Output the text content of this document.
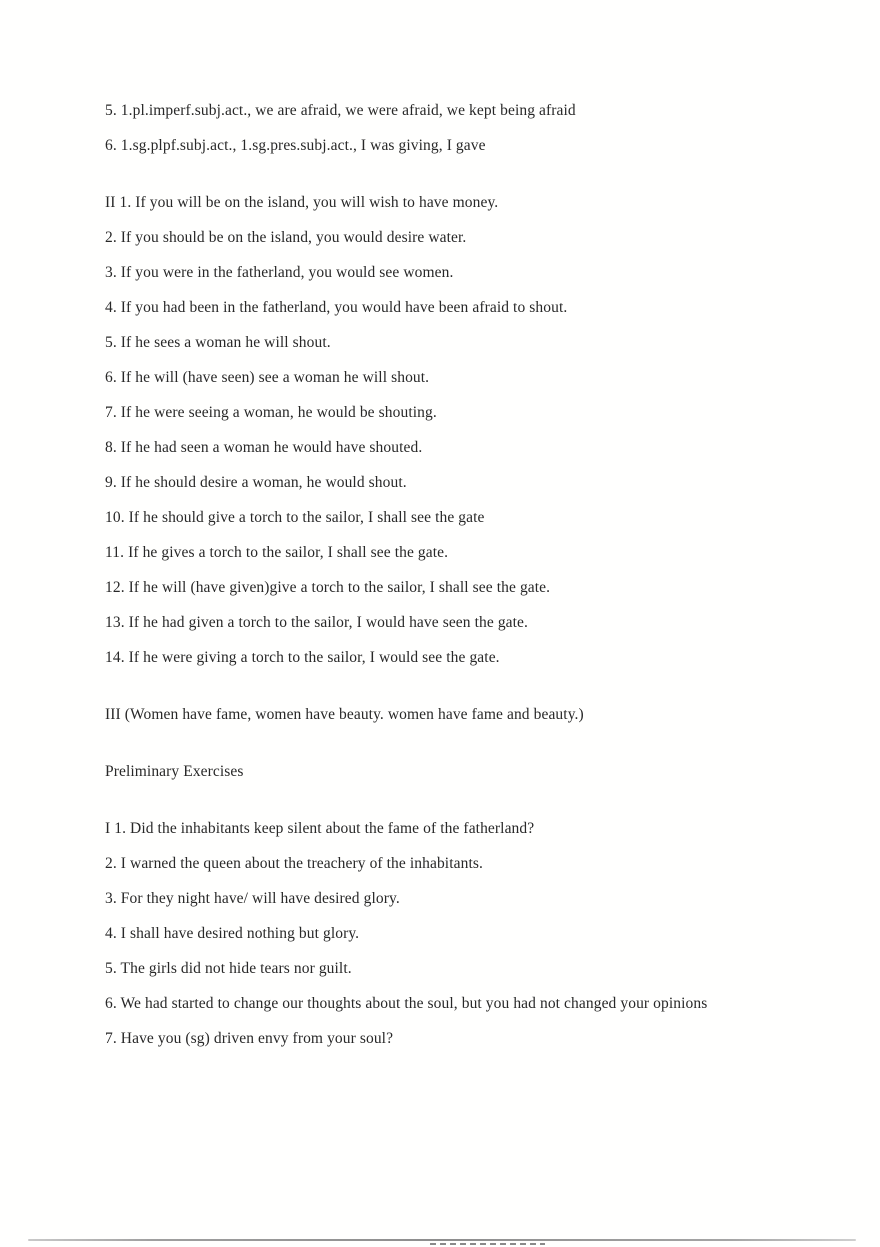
5. 1.pl.imperf.subj.act., we are afraid, we were afraid, we kept being afraid

6. 1.sg.plpf.subj.act., 1.sg.pres.subj.act., I was giving, I gave

II 1. If you will be on the island, you will wish to have money.

2. If you should be on the island, you would desire water.

3. If you were in the fatherland, you would see women.

4. If you had been in the fatherland, you would have been afraid to shout.

5. If he sees a woman he will shout.

6. If he will (have seen) see a woman he will shout.

7. If he were seeing a woman, he would be shouting.

8. If he had seen a woman he would have shouted.

9. If he should desire a woman, he would shout.

10. If he should give a torch to the sailor, I shall see the gate

11. If he gives a torch to the sailor, I shall see the gate.

12. If he will (have given)give a torch to the sailor, I shall see the gate.

13. If he had given a torch to the sailor, I would have seen the gate.

14. If he were giving a torch to the sailor, I would see the gate.

III (Women have fame, women have beauty. women have fame and beauty.)

Preliminary Exercises

I 1. Did the inhabitants keep silent about the fame of the fatherland?

2. I warned the queen about the treachery of the inhabitants.

3. For they night have/ will have desired glory.

4. I shall have desired nothing but glory.

5. The girls did not hide tears nor guilt.

6. We had started to change our thoughts about the soul, but you had not changed your opinions

7. Have you (sg) driven envy from your soul?
